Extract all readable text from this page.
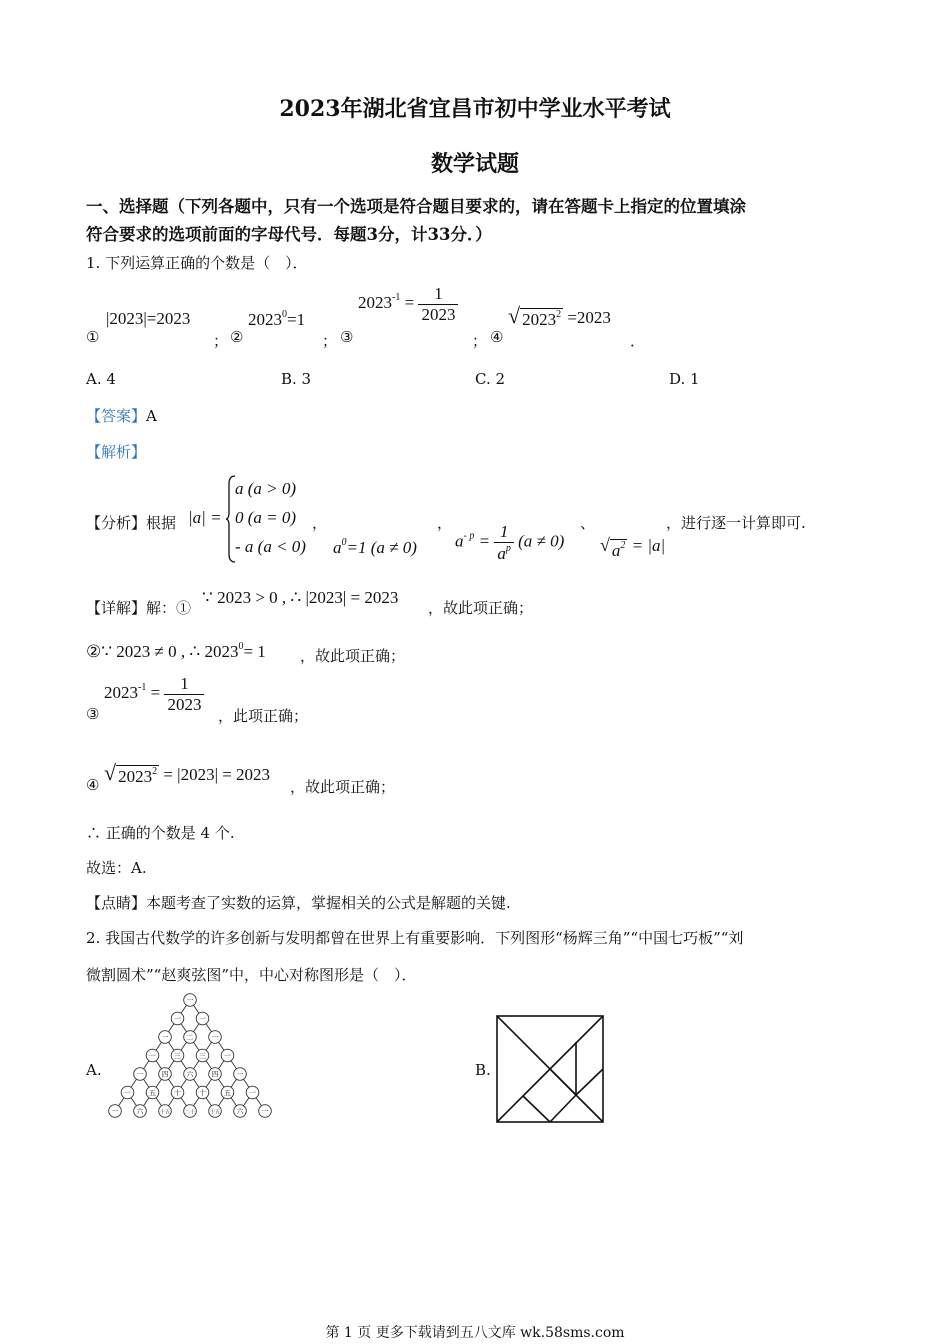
2023年湖北省宜昌市初中学业水平考试
数学试题
一、选择题（下列各题中，只有一个选项是符合题目要求的，请在答题卡上指定的位置填涂
符合要求的选项前面的字母代号．每题3分，计33分．）
1. 下列运算正确的个数是（　）．
①
|2023|=2023
； ②
$2023^0=1$
； ③
$2023^{-1} = \frac{1}{2023}$
； ④
√ $2023^2 =2023$
．
A. 4	B. 3	C. 2	D. 1
【答案】A
【解析】
【分析】根据 |a| =
a (a > 0)
0 (a = 0)
- a (a < 0)
，
$a^0=1$ (a ≠ 0)
，
$a^{- p} = \frac{1}{a^p} (a \ne 0)$
、
√ $a^2 = |a|$
，进行逐一计算即可.
【详解】解：①
∵ 2023 > 0 , ∴ |2023| = 2023
，故此项正确；
②∵ 2023 ≠ 0 , ∴ $2023^0= 1$ ，故此项正确；
③
$2023^{-1} = \frac{1}{2023}$
，此项正确；
④ √ $2023^2 = |2023| = 2023$
，故此项正确；
∴ 正确的个数是 4 个.
故选：A.
【点睛】本题考查了实数的运算，掌握相关的公式是解题的关键.
2. 我国古代数学的许多创新与发明都曾在世界上有重要影响．下列图形“杨辉三角”“中国七巧板”“刘
微割圆术”“赵爽弦图”中，中心对称图形是（　）．
A.
一
一	一
一	二	一
一	三	三	一
一	四	六	四	一
一	五	十	十	五	一
一	六	十五	二十	十五 六	一
B.
第 1 页 更多下载请到五八文库 wk.58sms.com
